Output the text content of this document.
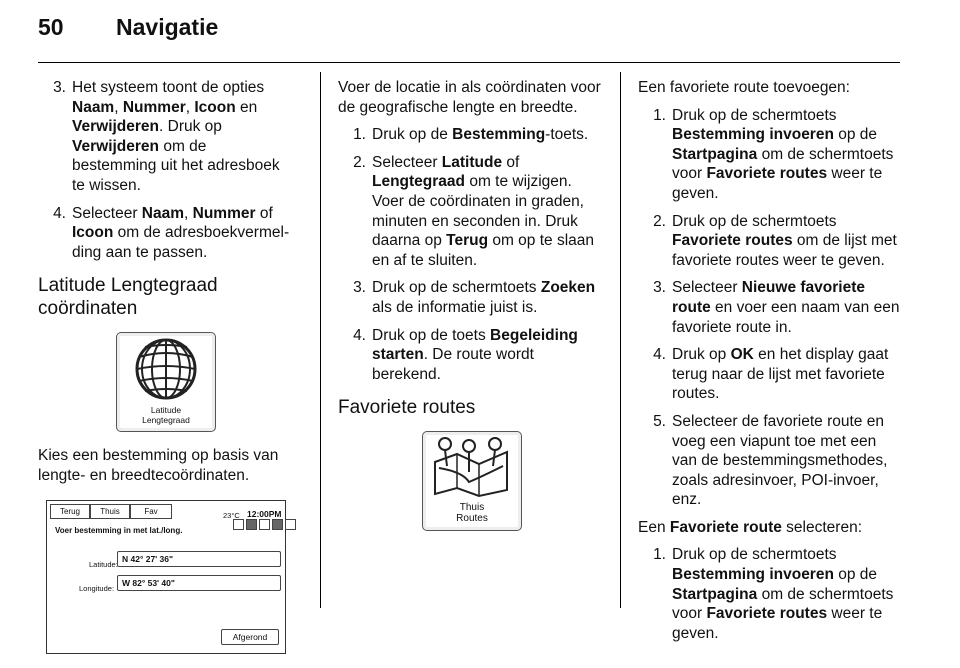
50 Navigatie
3. Het systeem toont de opties Naam, Nummer, Icoon en Verwijderen. Druk op Verwijderen om de bestemming uit het adresboek te wissen.
4. Selecteer Naam, Nummer of Icoon om de adresboekvermelding aan te passen.
Latitude Lengtegraad coördinaten
Latitude
Lengtegraad

Kies een bestemming op basis van lengte- en breedtecoördinaten.

Terug	Thuis	Fav	23°C 12:00PM
Voer bestemming in met lat./long.
Latitude:
N 42° 27' 36"
Longitude:
W 82° 53' 40"
Afgerond

Voer de locatie in als coördinaten voor de geografische lengte en breedte.

1. Druk op de Bestemming-toets.
2. Selecteer Latitude of Lengtegraad om te wijzigen. Voer de coördinaten in graden, minuten en seconden in. Druk daarna op Terug om op te slaan en af te sluiten.
3. Druk op de schermtoets Zoeken als de informatie juist is.
4. Druk op de toets Begeleiding starten. De route wordt berekend.
Favoriete routes
Thuis
Routes

Een favoriete route toevoegen:

1. Druk op de schermtoets Bestemming invoeren op de Startpagina om de schermtoets voor Favoriete routes weer te geven.
2. Druk op de schermtoets Favoriete routes om de lijst met favoriete routes weer te geven.
3. Selecteer Nieuwe favoriete route en voer een naam van een favoriete route in.
4. Druk op OK en het display gaat terug naar de lijst met favoriete routes.
5. Selecteer de favoriete route en voeg een viapunt toe met een van de bestemmingsmethodes, zoals adresinvoer, POI-invoer, enz.

Een Favoriete route selecteren:

1. Druk op de schermtoets Bestemming invoeren op de Startpagina om de schermtoets voor Favoriete routes weer te geven.
